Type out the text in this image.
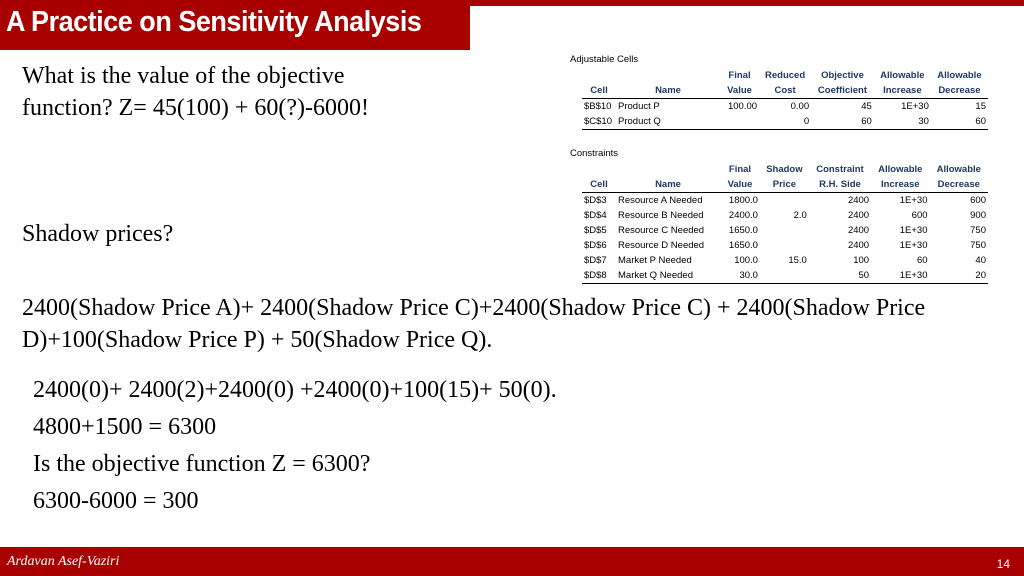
A Practice on Sensitivity Analysis
What is the value of the objective
function? Z= 45(100) + 60(?)-6000!
Shadow prices?
Adjustable Cells
		Final	Reduced	Objective	Allowable	Allowable
Cell	Name	Value	Cost	Coefficient	Increase	Decrease
$B$10	Product P	100.00	0.00	45	1E+30	15
$C$10	Product Q		0	60	30	60
Constraints
		Final	Shadow	Constraint	Allowable	Allowable
Cell	Name	Value	Price	R.H. Side	Increase	Decrease
$D$3	Resource A Needed	1800.0		2400	1E+30	600
$D$4	Resource B Needed	2400.0	2.0	2400	600	900
$D$5	Resource C Needed	1650.0		2400	1E+30	750
$D$6	Resource D Needed	1650.0		2400	1E+30	750
$D$7	Market P Needed	100.0	15.0	100	60	40
$D$8	Market Q Needed	30.0		50	1E+30	20
2400(Shadow Price A)+ 2400(Shadow Price C)+2400(Shadow Price C) + 2400(Shadow Price D)+100(Shadow Price P) + 50(Shadow Price Q).
2400(0)+ 2400(2)+2400(0) +2400(0)+100(15)+ 50(0).
4800+1500 = 6300
Is the objective function Z = 6300?
6300-6000 = 300
Ardavan Asef-Vaziri	14
